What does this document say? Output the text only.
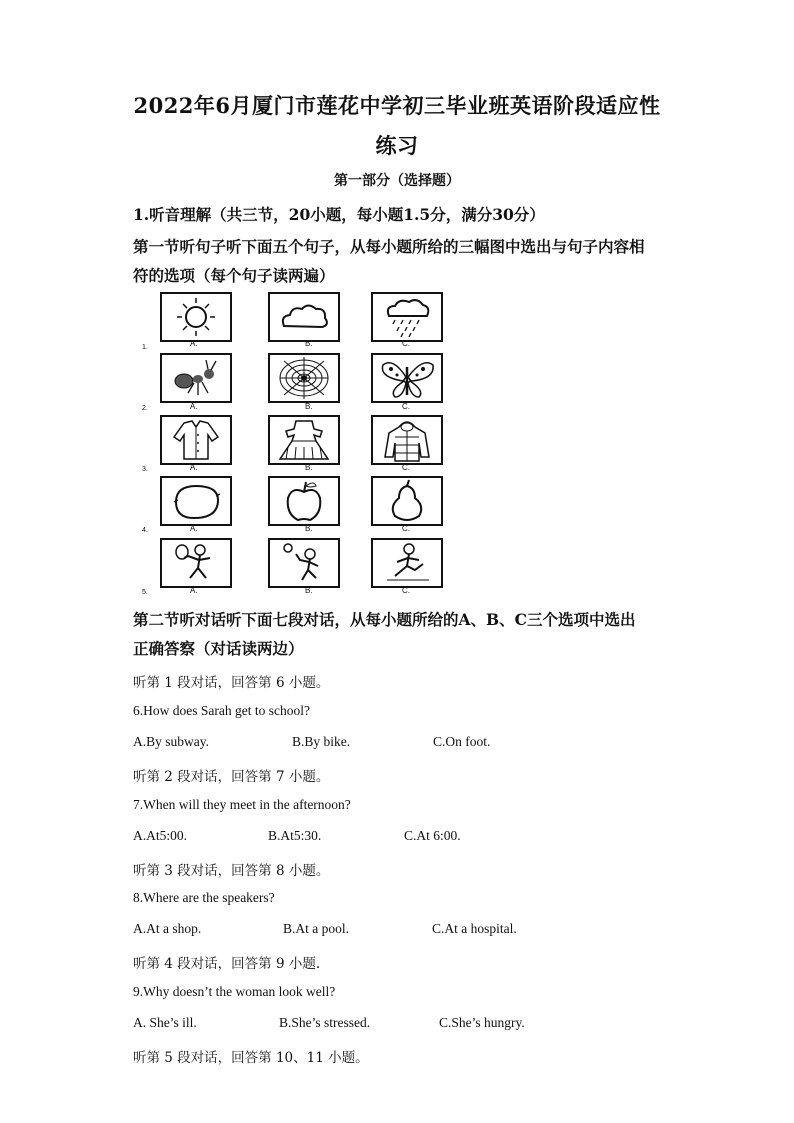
2022年6月厦门市莲花中学初三毕业班英语阶段适应性
练习
第一部分（选择题）
1.听音理解（共三节，20小题，每小题1.5分，满分30分）
第一节听句子听下面五个句子，从每小题所给的三幅图中选出与句子内容相
符的选项（每个句子读两遍）
1.	A.	B.	C.
2.	A.	B.	C.
3.	A.	B.	C.
4.	A.	B.	C.
5.	A.	B.	C.
第二节听对话听下面七段对话，从每小题所给的A、B、C三个选项中选出
正确答察（对话读两边）
听第 1 段对话，回答第 6 小题。
6.How does Sarah get to school?
A.By subway.	B.By bike.	C.On foot.
听第 2 段对话，回答第 7 小题。
7.When will they meet in the afternoon?
A.At5:00.	B.At5:30.	C.At 6:00.
听第 3 段对话，回答第 8 小题。
8.Where are the speakers?
A.At a shop.	B.At a pool.	C.At a hospital.
听第 4 段对话，回答第 9 小题.
9.Why doesn’t the woman look well?
A. She’s ill.	B.She’s stressed.	C.She’s hungry.
听第 5 段对话，回答第 10、11 小题。
